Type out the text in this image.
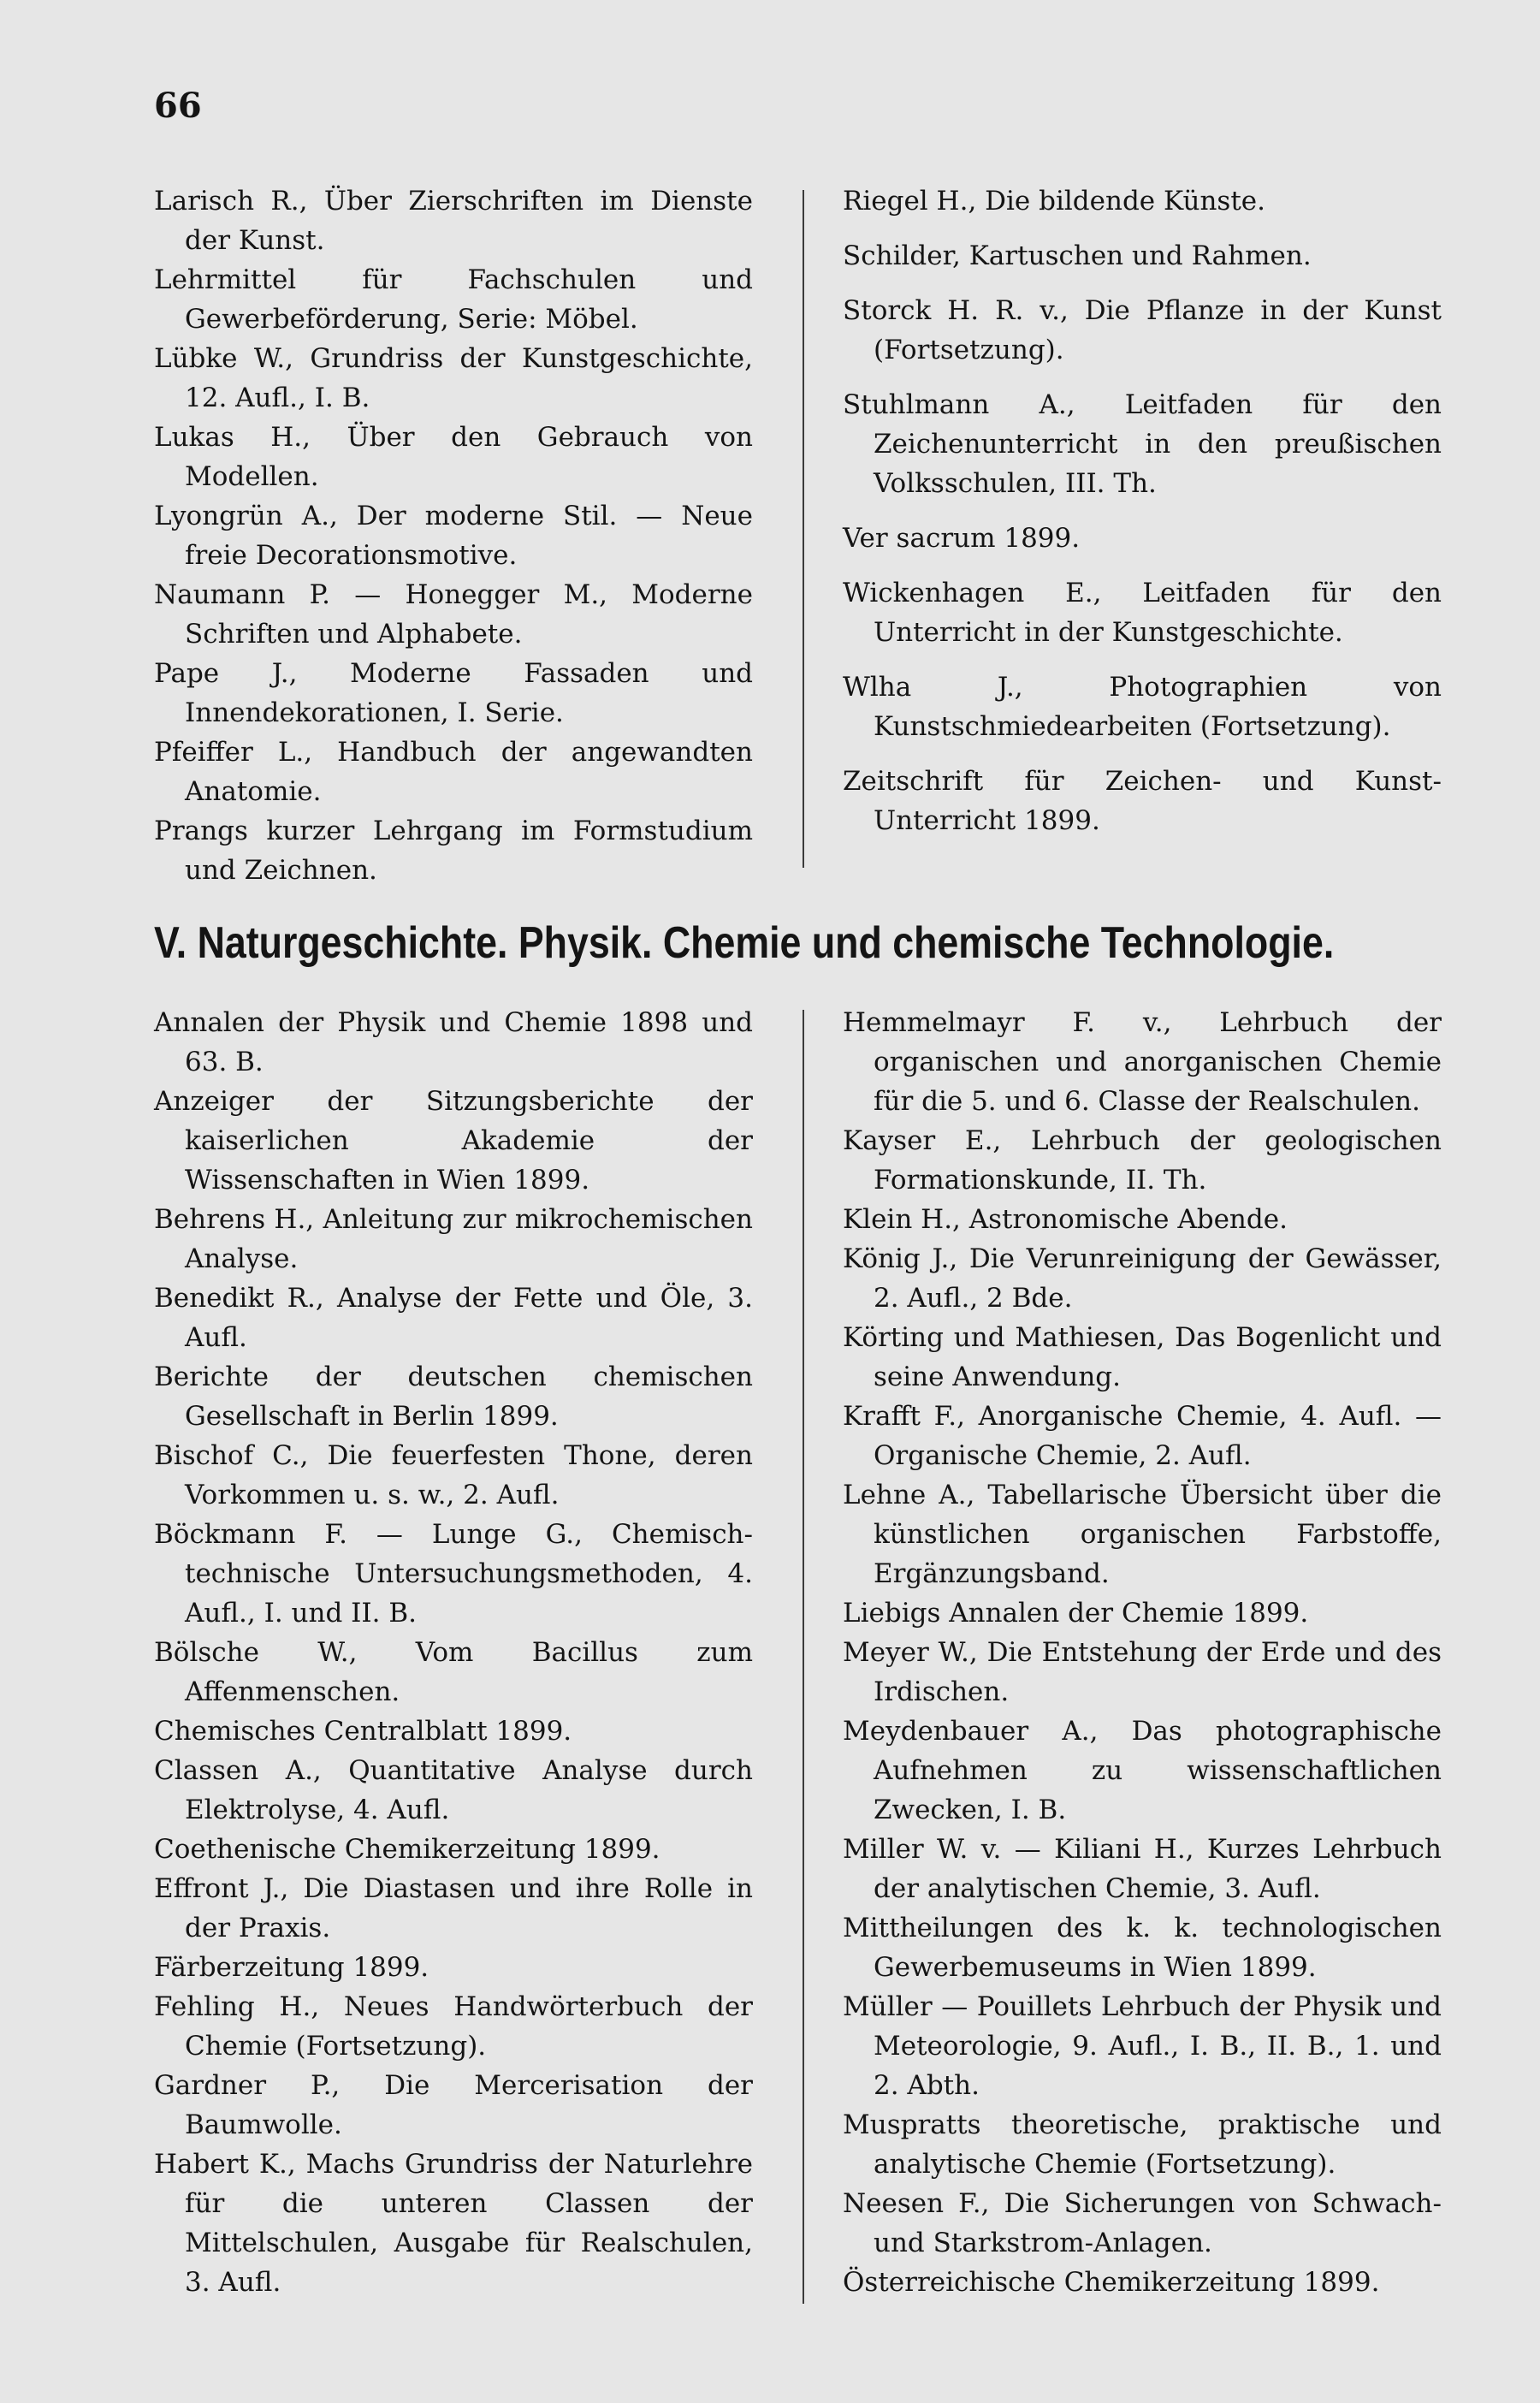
66
Larisch R., Über Zierschriften im Dienste der Kunst.
Lehrmittel für Fachschulen und Gewerbeförderung, Serie: Möbel.
Lübke W., Grundriss der Kunstgeschichte, 12. Aufl., I. B.
Lukas H., Über den Gebrauch von Modellen.
Lyongrün A., Der moderne Stil. — Neue freie Decorationsmotive.
Naumann P. — Honegger M., Moderne Schriften und Alphabete.
Pape J., Moderne Fassaden und Innendekorationen, I. Serie.
Pfeiffer L., Handbuch der angewandten Anatomie.
Prangs kurzer Lehrgang im Formstudium und Zeichnen.
Riegel H., Die bildende Künste.
Schilder, Kartuschen und Rahmen.
Storck H. R. v., Die Pflanze in der Kunst (Fortsetzung).
Stuhlmann A., Leitfaden für den Zeichenunterricht in den preußischen Volksschulen, III. Th.
Ver sacrum 1899.
Wickenhagen E., Leitfaden für den Unterricht in der Kunstgeschichte.
Wlha J., Photographien von Kunstschmiedearbeiten (Fortsetzung).
Zeitschrift für Zeichen- und Kunst-Unterricht 1899.
V. Naturgeschichte. Physik. Chemie und chemische Technologie.
Annalen der Physik und Chemie 1898 und 63. B.
Anzeiger der Sitzungsberichte der kaiserlichen Akademie der Wissenschaften in Wien 1899.
Behrens H., Anleitung zur mikrochemischen Analyse.
Benedikt R., Analyse der Fette und Öle, 3. Aufl.
Berichte der deutschen chemischen Gesellschaft in Berlin 1899.
Bischof C., Die feuerfesten Thone, deren Vorkommen u. s. w., 2. Aufl.
Böckmann F. — Lunge G., Chemisch-technische Untersuchungsmethoden, 4. Aufl., I. und II. B.
Bölsche W., Vom Bacillus zum Affenmenschen.
Chemisches Centralblatt 1899.
Classen A., Quantitative Analyse durch Elektrolyse, 4. Aufl.
Coethenische Chemikerzeitung 1899.
Effront J., Die Diastasen und ihre Rolle in der Praxis.
Färberzeitung 1899.
Fehling H., Neues Handwörterbuch der Chemie (Fortsetzung).
Gardner P., Die Mercerisation der Baumwolle.
Habert K., Machs Grundriss der Naturlehre für die unteren Classen der Mittelschulen, Ausgabe für Realschulen, 3. Aufl.
Hemmelmayr F. v., Lehrbuch der organischen und anorganischen Chemie für die 5. und 6. Classe der Realschulen.
Kayser E., Lehrbuch der geologischen Formationskunde, II. Th.
Klein H., Astronomische Abende.
König J., Die Verunreinigung der Gewässer, 2. Aufl., 2 Bde.
Körting und Mathiesen, Das Bogenlicht und seine Anwendung.
Krafft F., Anorganische Chemie, 4. Aufl. — Organische Chemie, 2. Aufl.
Lehne A., Tabellarische Übersicht über die künstlichen organischen Farbstoffe, Ergänzungsband.
Liebigs Annalen der Chemie 1899.
Meyer W., Die Entstehung der Erde und des Irdischen.
Meydenbauer A., Das photographische Aufnehmen zu wissenschaftlichen Zwecken, I. B.
Miller W. v. — Kiliani H., Kurzes Lehrbuch der analytischen Chemie, 3. Aufl.
Mittheilungen des k. k. technologischen Gewerbemuseums in Wien 1899.
Müller — Pouillets Lehrbuch der Physik und Meteorologie, 9. Aufl., I. B., II. B., 1. und 2. Abth.
Muspratts theoretische, praktische und analytische Chemie (Fortsetzung).
Neesen F., Die Sicherungen von Schwach- und Starkstrom-Anlagen.
Österreichische Chemikerzeitung 1899.
